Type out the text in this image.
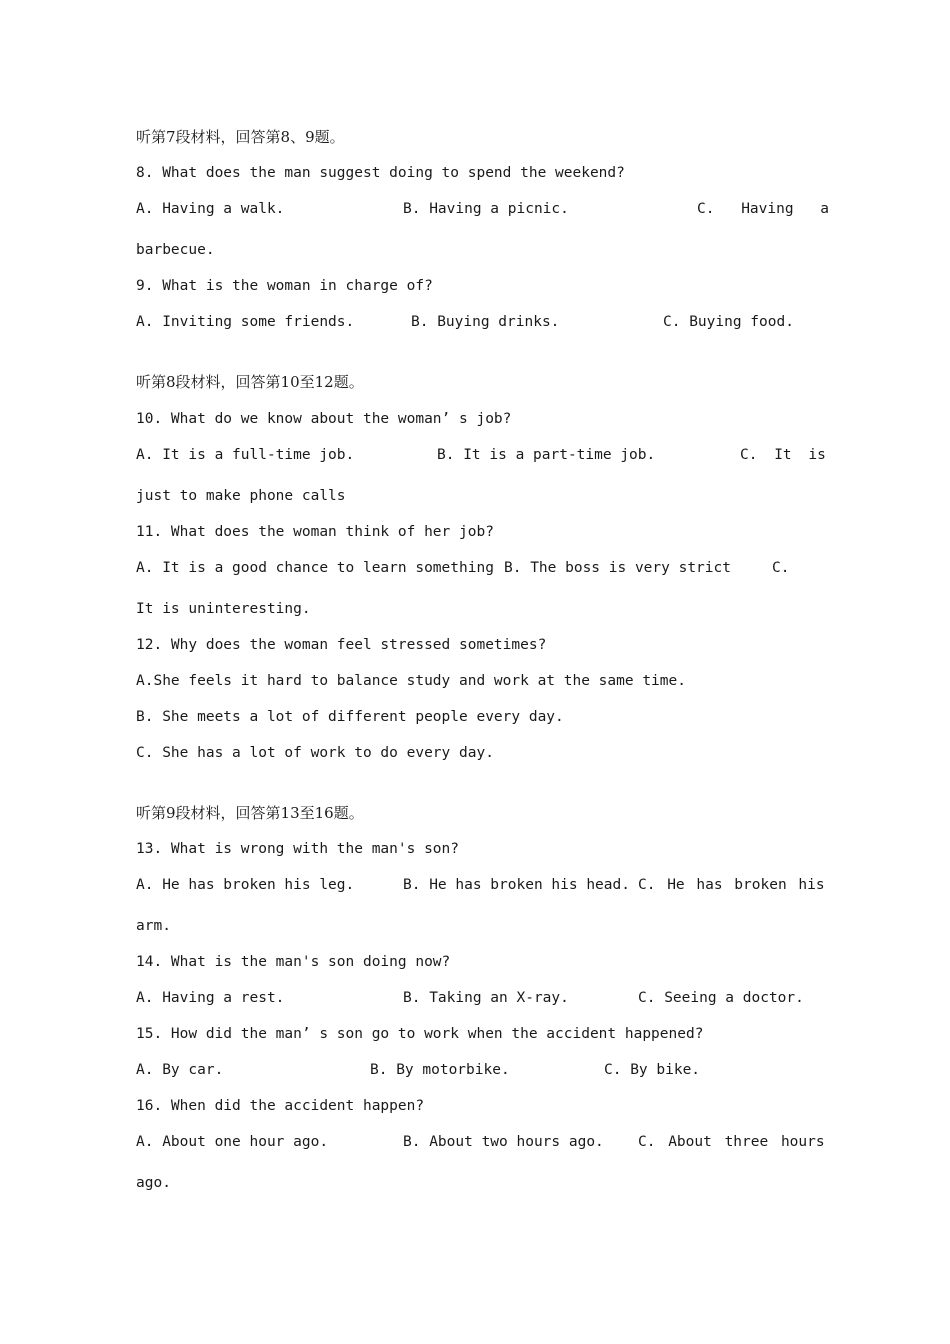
听第7段材料，回答第8、9题。
8. What does the man suggest doing to spend the weekend?
A. Having a walk.	B. Having a picnic.	C. Having a
barbecue.
9. What is the woman in charge of?
A. Inviting some friends.	B. Buying drinks.	C. Buying food.
听第8段材料，回答第10至12题。
10. What do we know about the woman’ s job?
A. It is a full-time job.	B. It is a part-time job.	C. It is
just to make phone calls
11. What does the woman think of her job?
A. It is a good chance to learn something B. The boss is very strict	C.
It is uninteresting.
12. Why does the woman feel stressed sometimes?
A.She feels it hard to balance study and work at the same time.
B. She meets a lot of different people every day.
C. She has a lot of work to do every day.
听第9段材料，回答第13至16题。
13. What is wrong with the man's son?
A. He has broken his leg.	B. He has broken his head. C. He has broken his
arm.
14. What is the man's son doing now?
A. Having a rest.	B. Taking an X-ray.	C. Seeing a doctor.
15. How did the man’ s son go to work when the accident happened?
A. By car.	B. By motorbike.	C. By bike.
16. When did the accident happen?
A. About one hour ago.	B. About two hours ago. C. About three hours
ago.
